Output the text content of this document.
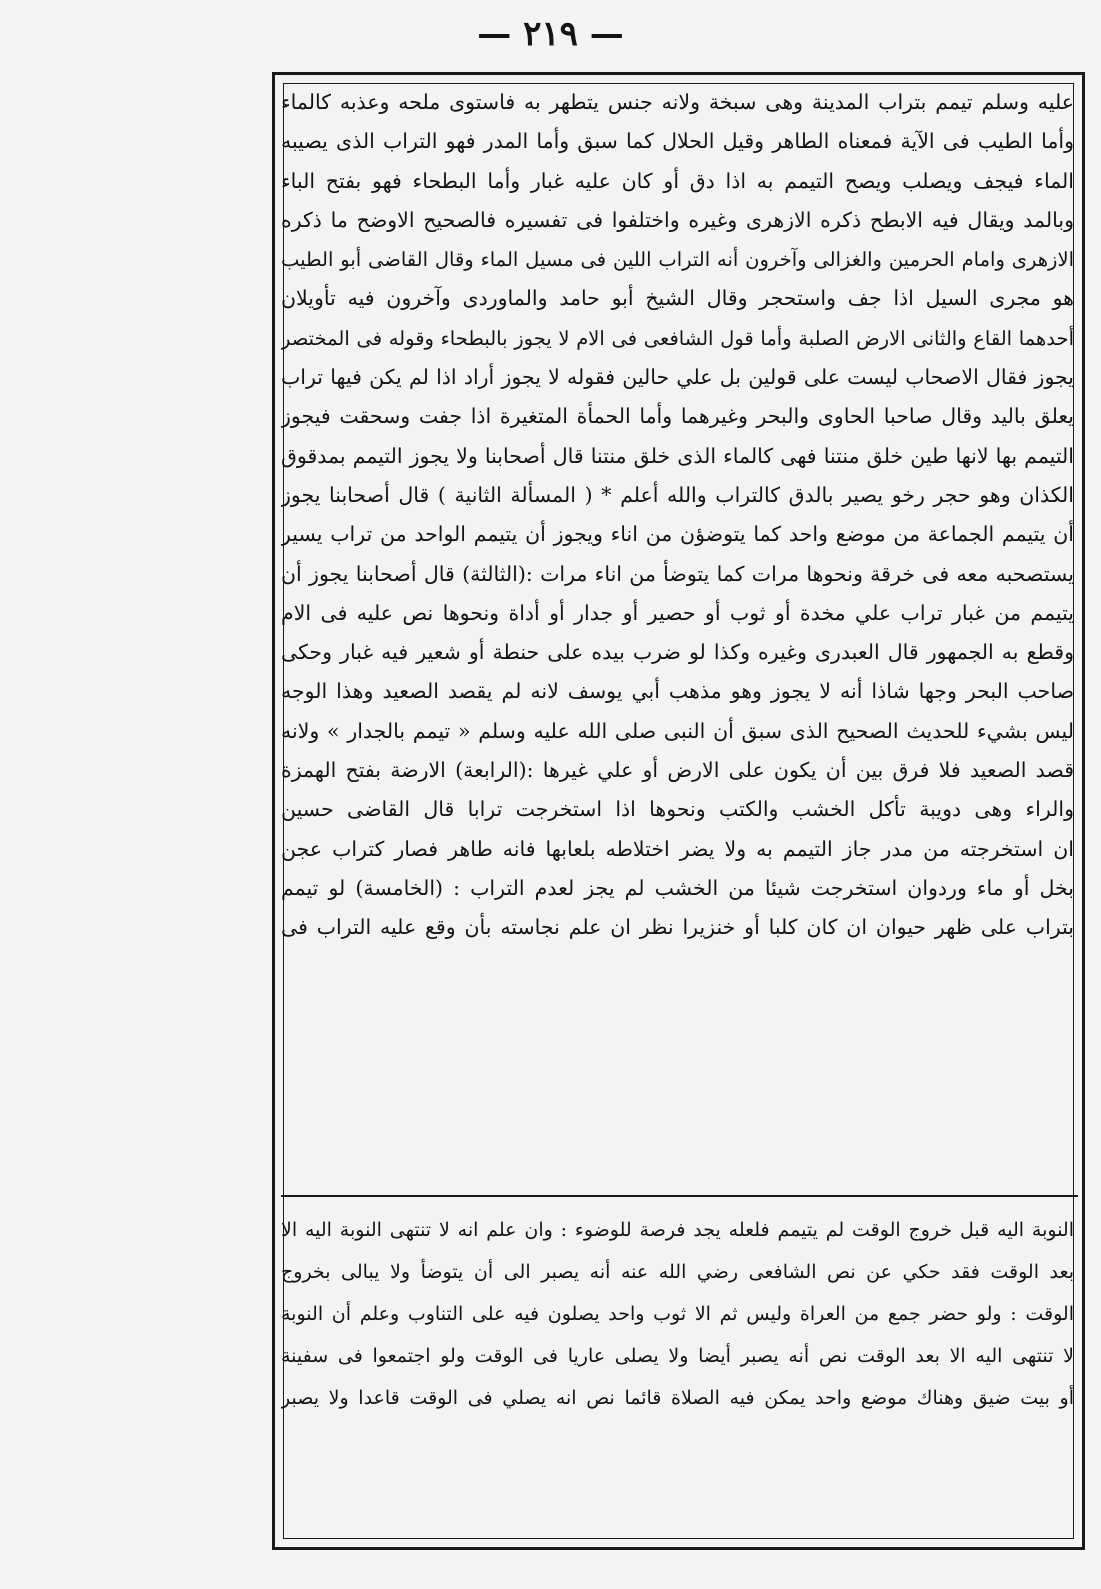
— ٢١٩ —
عليه وسلم تيمم بتراب المدينة وهى سبخة ولانه جنس يتطهر به فاستوى ملحه وعذبه كالماء
وأما الطيب فى الآية فمعناه الطاهر وقيل الحلال كما سبق وأما المدر فهو التراب الذى يصيبه
الماء فيجف ويصلب ويصح التيمم به اذا دق أو كان عليه غبار وأما البطحاء فهو بفتح الباء
وبالمد ويقال فيه الابطح ذكره الازهرى وغيره واختلفوا فى تفسيره فالصحيح الاوضح ما ذكره
الازهرى وامام الحرمين والغزالى وآخرون أنه التراب اللين فى مسيل الماء وقال القاضى أبو الطيب
هو مجرى السيل اذا جف واستحجر وقال الشيخ أبو حامد والماوردى وآخرون فيه تأويلان
أحدهما القاع والثانى الارض الصلبة وأما قول الشافعى فى الام لا يجوز بالبطحاء وقوله فى المختصر
يجوز فقال الاصحاب ليست على قولين بل علي حالين فقوله لا يجوز أراد اذا لم يكن فيها تراب
يعلق باليد وقال صاحبا الحاوى والبحر وغيرهما وأما الحمأة المتغيرة اذا جفت وسحقت فيجوز
التيمم بها لانها طين خلق منتنا فهى كالماء الذى خلق منتنا قال أصحابنا ولا يجوز التيمم بمدقوق
الكذان وهو حجر رخو يصير بالدق كالتراب والله أعلم * ( المسألة الثانية ) قال أصحابنا يجوز
أن يتيمم الجماعة من موضع واحد كما يتوضؤن من اناء ويجوز أن يتيمم الواحد من تراب يسير
يستصحبه معه فى خرقة ونحوها مرات كما يتوضأ من اناء مرات :(الثالثة) قال أصحابنا يجوز أن
يتيمم من غبار تراب علي مخدة أو ثوب أو حصير أو جدار أو أداة ونحوها نص عليه فى الام
وقطع به الجمهور قال العبدرى وغيره وكذا لو ضرب بيده على حنطة أو شعير فيه غبار وحكى
صاحب البحر وجها شاذا أنه لا يجوز وهو مذهب أبي يوسف لانه لم يقصد الصعيد وهذا الوجه
ليس بشيء للحديث الصحيح الذى سبق أن النبى صلى الله عليه وسلم « تيمم بالجدار » ولانه
قصد الصعيد فلا فرق بين أن يكون على الارض أو علي غيرها :(الرابعة) الارضة بفتح الهمزة
والراء وهى دويبة تأكل الخشب والكتب ونحوها اذا استخرجت ترابا قال القاضى حسين
ان استخرجته من مدر جاز التيمم به ولا يضر اختلاطه بلعابها فانه طاهر فصار كتراب عجن
بخل أو ماء وردوان استخرجت شيئا من الخشب لم يجز لعدم التراب : (الخامسة) لو تيمم
بتراب على ظهر حيوان ان كان كلبا أو خنزيرا نظر ان علم نجاسته بأن وقع عليه التراب فى
النوبة اليه قبل خروج الوقت لم يتيمم فلعله يجد فرصة للوضوء : وان علم انه لا تنتهى النوبة اليه الا
بعد الوقت فقد حكي عن نص الشافعى رضي الله عنه أنه يصبر الى أن يتوضأ ولا يبالى بخروج
الوقت : ولو حضر جمع من العراة وليس ثم الا ثوب واحد يصلون فيه على التناوب وعلم أن النوبة
لا تنتهى اليه الا بعد الوقت نص أنه يصبر أيضا ولا يصلى عاريا فى الوقت ولو اجتمعوا فى سفينة
أو بيت ضيق وهناك موضع واحد يمكن فيه الصلاة قائما نص انه يصلي فى الوقت قاعدا ولا يصبر
